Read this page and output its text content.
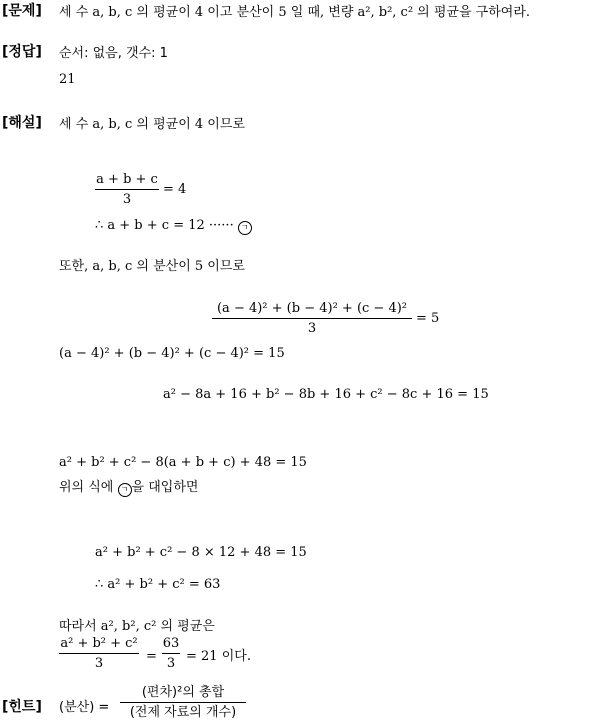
[문제] 세 수 a, b, c 의 평균이 4 이고 분산이 5 일 때, 변량 a², b², c² 의 평균을 구하여라.
[정답] 순서: 없음, 갯수: 1
21
[해설] 세 수 a, b, c 의 평균이 4 이므로
a + b + c
3
= 4
∴ a + b + c = 12 ······ ㄱ
또한, a, b, c 의 분산이 5 이므로
(a − 4)² + (b − 4)² + (c − 4)²
3
= 5
(a − 4)² + (b − 4)² + (c − 4)² = 15
a² − 8a + 16 + b² − 8b + 16 + c² − 8c + 16 = 15
a² + b² + c² − 8(a + b + c) + 48 = 15
위의 식에 ㄱ 을 대입하면
a² + b² + c² − 8 × 12 + 48 = 15
∴ a² + b² + c² = 63
따라서 a², b², c² 의 평균은
a² + b² + c²
3	=
63
3 = 21 이다.
[힌트] (분산) =
(편차)²의 총합
(전제 자료의 개수)
